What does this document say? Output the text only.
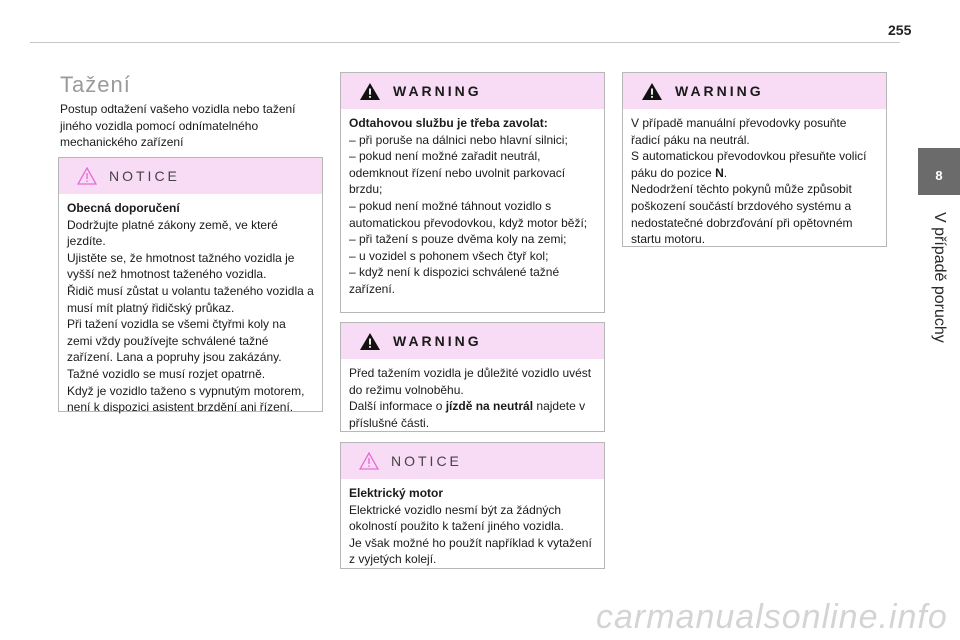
255
8
V případě poruchy
Tažení
Postup odtažení vašeho vozidla nebo tažení jiného vozidla pomocí odnímatelného mechanického zařízení
NOTICE

Obecná doporučení

Dodržujte platné zákony země, ve které jezdíte.

Ujistěte se, že hmotnost tažného vozidla je vyšší než hmotnost taženého vozidla.

Řidič musí zůstat u volantu taženého vozidla a musí mít platný řidičský průkaz.

Při tažení vozidla se všemi čtyřmi koly na zemi vždy používejte schválené tažné zařízení. Lana a popruhy jsou zakázány.

Tažné vozidlo se musí rozjet opatrně.

Když je vozidlo taženo s vypnutým motorem, není k dispozici asistent brzdění ani řízení.

WARNING

Odtahovou službu je třeba zavolat:

– při poruše na dálnici nebo hlavní silnici;

– pokud není možné zařadit neutrál, odemknout řízení nebo uvolnit parkovací brzdu;

– pokud není možné táhnout vozidlo s automatickou převodovkou, když motor běží;

– při tažení s pouze dvěma koly na zemi;

– u vozidel s pohonem všech čtyř kol;

– když není k dispozici schválené tažné zařízení.

WARNING

Před tažením vozidla je důležité vozidlo uvést do režimu volnoběhu.

Další informace o jízdě na neutrál najdete v příslušné části.

NOTICE

Elektrický motor

Elektrické vozidlo nesmí být za žádných okolností použito k tažení jiného vozidla.

Je však možné ho použít například k vytažení z vyjetých kolejí.

WARNING

V případě manuální převodovky posuňte řadicí páku na neutrál.

S automatickou převodovkou přesuňte volicí páku do pozice N.

Nedodržení těchto pokynů může způsobit poškození součástí brzdového systému a nedostatečné dobrzďování při opětovném startu motoru.

carmanualsonline.info
